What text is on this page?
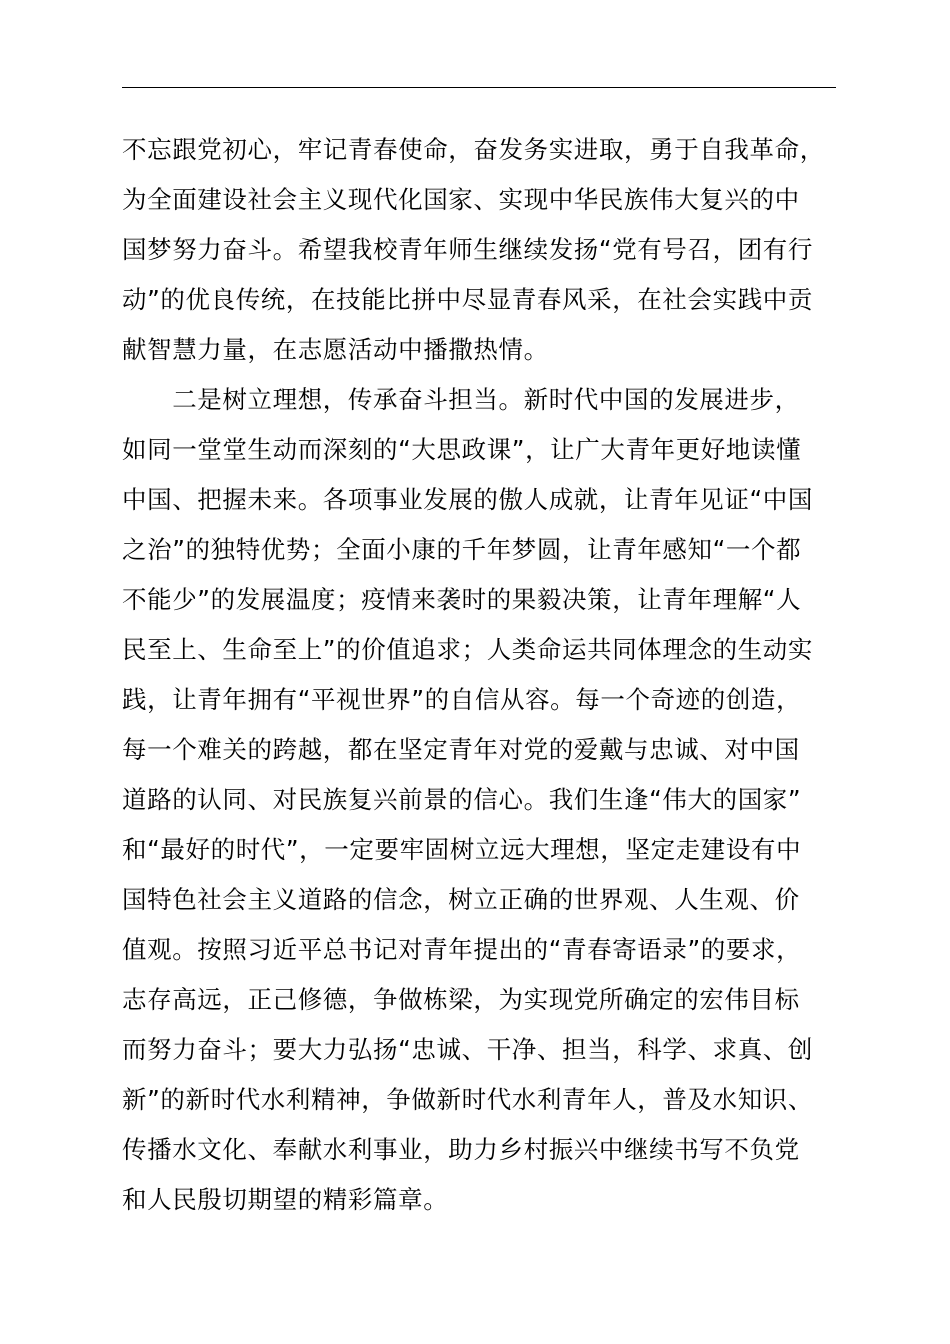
不忘跟党初心，牢记青春使命，奋发务实进取，勇于自我革命，
为全面建设社会主义现代化国家、实现中华民族伟大复兴的中
国梦努力奋斗。希望我校青年师生继续发扬“党有号召，团有行
动”的优良传统，在技能比拼中尽显青春风采，在社会实践中贡
献智慧力量，在志愿活动中播撒热情。
　　二是树立理想，传承奋斗担当。新时代中国的发展进步，
如同一堂堂生动而深刻的“大思政课”，让广大青年更好地读懂
中国、把握未来。各项事业发展的傲人成就，让青年见证“中国
之治”的独特优势；全面小康的千年梦圆，让青年感知“一个都
不能少”的发展温度；疫情来袭时的果毅决策，让青年理解“人
民至上、生命至上”的价值追求；人类命运共同体理念的生动实
践，让青年拥有“平视世界”的自信从容。每一个奇迹的创造，
每一个难关的跨越，都在坚定青年对党的爱戴与忠诚、对中国
道路的认同、对民族复兴前景的信心。我们生逢“伟大的国家”
和“最好的时代”，一定要牢固树立远大理想，坚定走建设有中
国特色社会主义道路的信念，树立正确的世界观、人生观、价
值观。按照习近平总书记对青年提出的“青春寄语录”的要求，
志存高远，正己修德，争做栋梁，为实现党所确定的宏伟目标
而努力奋斗；要大力弘扬“忠诚、干净、担当，科学、求真、创
新”的新时代水利精神，争做新时代水利青年人，普及水知识、
传播水文化、奉献水利事业，助力乡村振兴中继续书写不负党
和人民殷切期望的精彩篇章。
